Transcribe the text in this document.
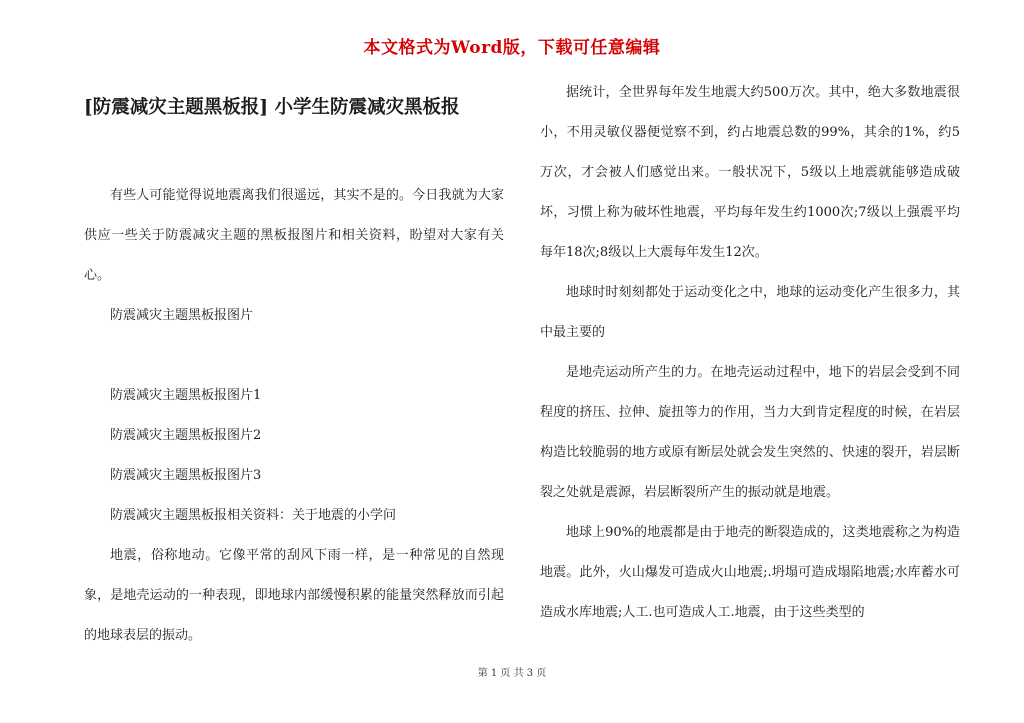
本文格式为Word版，下载可任意编辑
[防震减灾主题黑板报] 小学生防震减灾黑板报

有些人可能觉得说地震离我们很遥远，其实不是的。今日我就为大家供应一些关于防震减灾主题的黑板报图片和相关资料，盼望对大家有关心。

防震减灾主题黑板报图片

防震减灾主题黑板报图片1

防震减灾主题黑板报图片2

防震减灾主题黑板报图片3

防震减灾主题黑板报相关资料：关于地震的小学问

地震，俗称地动。它像平常的刮风下雨一样，是一种常见的自然现象，是地壳运动的一种表现，即地球内部缓慢积累的能量突然释放而引起的地球表层的振动。

据统计，全世界每年发生地震大约500万次。其中，绝大多数地震很小，不用灵敏仪器便觉察不到，约占地震总数的99%，其余的1%，约5万次，才会被人们感觉出来。一般状况下，5级以上地震就能够造成破坏，习惯上称为破坏性地震，平均每年发生约1000次;7级以上强震平均每年18次;8级以上大震每年发生12次。

地球时时刻刻都处于运动变化之中，地球的运动变化产生很多力，其中最主要的

是地壳运动所产生的力。在地壳运动过程中，地下的岩层会受到不同程度的挤压、拉伸、旋扭等力的作用，当力大到肯定程度的时候，在岩层构造比较脆弱的地方或原有断层处就会发生突然的、快速的裂开，岩层断裂之处就是震源，岩层断裂所产生的振动就是地震。

地球上90%的地震都是由于地壳的断裂造成的，这类地震称之为构造地震。此外，火山爆发可造成火山地震;.坍塌可造成塌陷地震;水库蓄水可造成水库地震;人工.也可造成人工.地震，由于这些类型的

第 1 页 共 3 页
